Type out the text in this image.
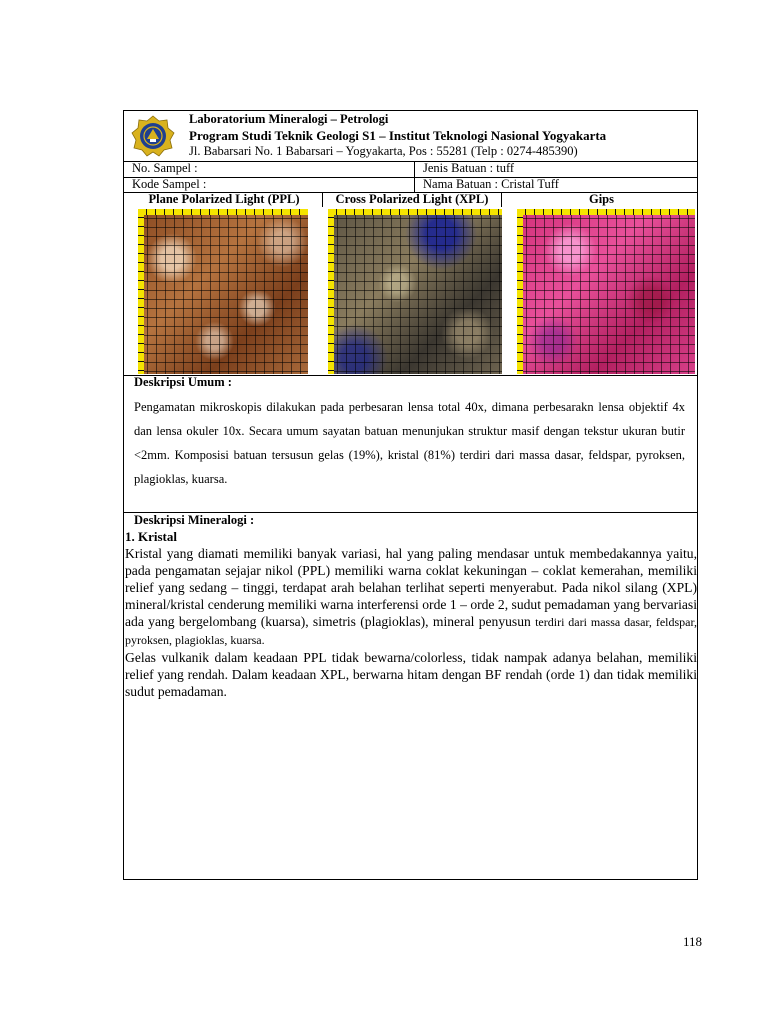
Laboratorium Mineralogi – Petrologi
Program Studi Teknik Geologi S1 – Institut Teknologi Nasional Yogyakarta
Jl. Babarsari No. 1 Babarsari – Yogyakarta, Pos : 55281 (Telp : 0274-485390)
No. Sampel :	Jenis Batuan : tuff
Kode Sampel :	Nama Batuan : Cristal Tuff
Plane Polarized Light (PPL)	Cross Polarized Light (XPL)	Gips
Deskripsi Umum :
Pengamatan mikroskopis dilakukan pada perbesaran lensa total 40x, dimana perbesarakn lensa objektif 4x dan lensa okuler 10x. Secara umum sayatan batuan menunjukan struktur masif dengan tekstur ukuran butir <2mm. Komposisi batuan tersusun gelas (19%), kristal (81%) terdiri dari massa dasar, feldspar, pyroksen, plagioklas, kuarsa.
Deskripsi Mineralogi :
1. Kristal

Kristal yang diamati memiliki banyak variasi, hal yang paling mendasar untuk membedakannya yaitu, pada pengamatan sejajar nikol (PPL) memiliki warna coklat kekuningan – coklat kemerahan, memiliki relief yang sedang – tinggi, terdapat arah belahan terlihat seperti menyerabut. Pada nikol silang (XPL) mineral/kristal cenderung memiliki warna interferensi orde 1 – orde 2, sudut pemadaman yang bervariasi ada yang bergelombang (kuarsa), simetris (plagioklas), mineral penyusun terdiri dari massa dasar, feldspar, pyroksen, plagioklas, kuarsa.

Gelas vulkanik dalam keadaan PPL tidak bewarna/colorless, tidak nampak adanya belahan, memiliki relief yang rendah. Dalam keadaan XPL, berwarna hitam dengan BF rendah (orde 1) dan tidak memiliki sudut pemadaman.

118
